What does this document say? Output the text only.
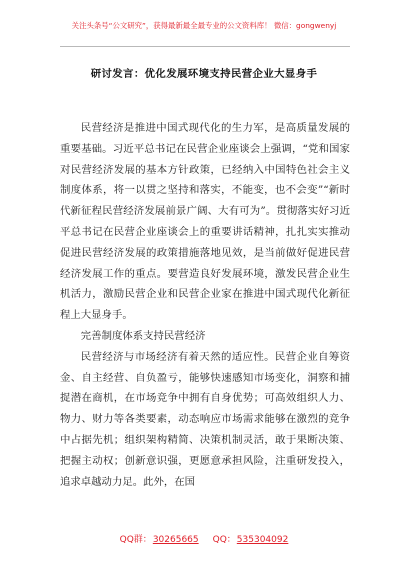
关注头条号“公文研究”，获得最新最全最专业的公文资料库！ 微信：gongwenyj
研讨发言：优化发展环境支持民营企业大显身手

民营经济是推进中国式现代化的生力军，是高质量发展的重要基础。习近平总书记在民营企业座谈会上强调，“党和国家对民营经济发展的基本方针政策，已经纳入中国特色社会主义制度体系，将一以贯之坚持和落实，不能变，也不会变”“新时代新征程民营经济发展前景广阔、大有可为”。贯彻落实好习近平总书记在民营企业座谈会上的重要讲话精神，扎扎实实推动促进民营经济发展的政策措施落地见效，是当前做好促进民营经济发展工作的重点。要营造良好发展环境，激发民营企业生机活力，激励民营企业和民营企业家在推进中国式现代化新征程上大显身手。

完善制度体系支持民营经济

民营经济与市场经济有着天然的适应性。民营企业自筹资金、自主经营、自负盈亏，能够快速感知市场变化，洞察和捕捉潜在商机，在市场竞争中拥有自身优势；可高效组织人力、物力、财力等各类要素，动态响应市场需求能够在激烈的竞争中占据先机；组织架构精简、决策机制灵活，敢于果断决策、把握主动权；创新意识强，更愿意承担风险，注重研发投入，追求卓越动力足。此外，在国

QQ群：30265665 QQ：535304092
